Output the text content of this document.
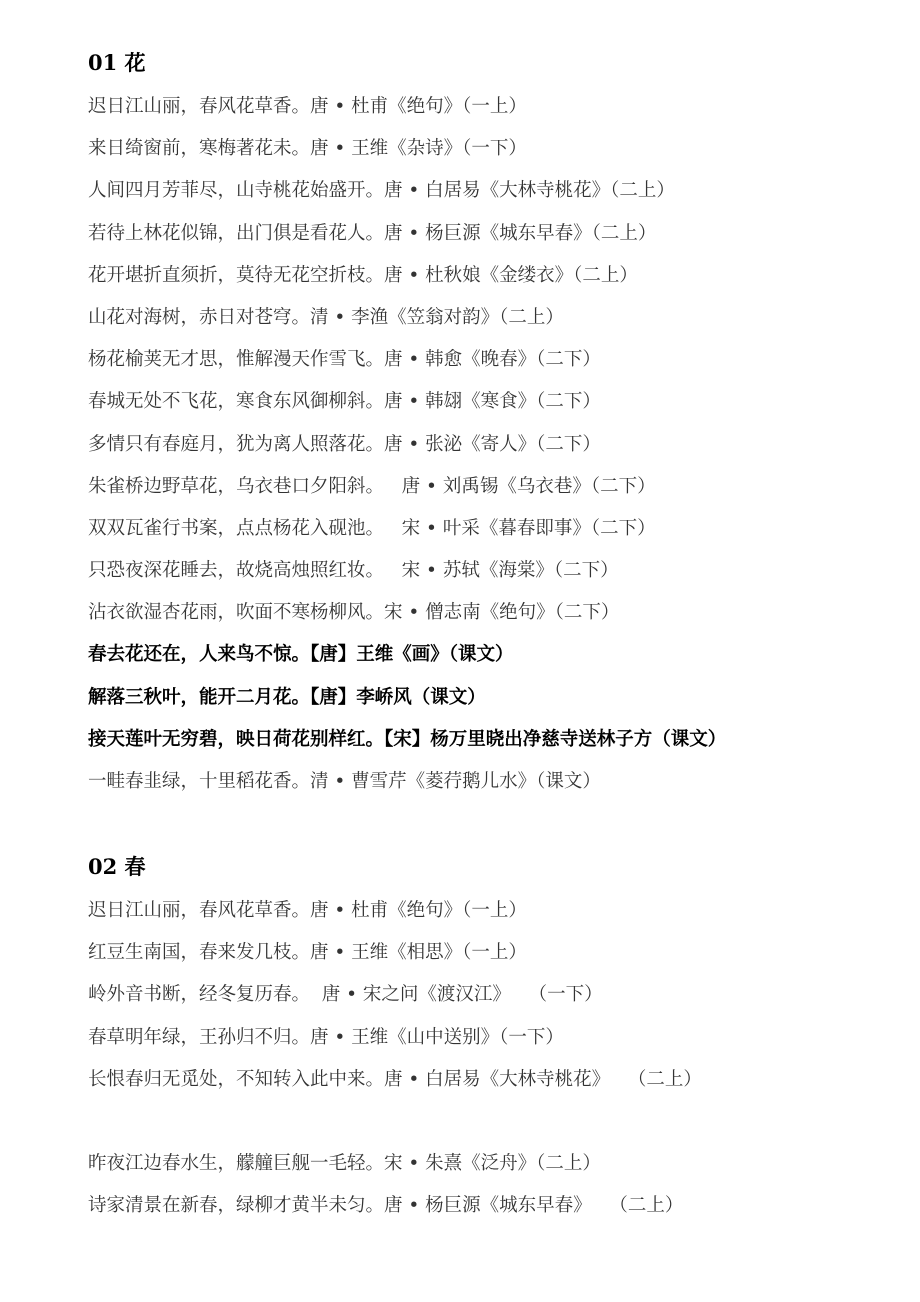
01 花
迟日江山丽，春风花草香。唐 • 杜甫《绝句》（一上）
来日绮窗前，寒梅著花未。唐 • 王维《杂诗》（一下）
人间四月芳菲尽，山寺桃花始盛开。唐 • 白居易《大林寺桃花》（二上）
若待上林花似锦，出门俱是看花人。唐 • 杨巨源《城东早春》（二上）
花开堪折直须折，莫待无花空折枝。唐 • 杜秋娘《金缕衣》（二上）
山花对海树，赤日对苍穹。清 • 李渔《笠翁对韵》（二上）
杨花榆荚无才思，惟解漫天作雪飞。唐 • 韩愈《晚春》（二下）
春城无处不飞花，寒食东风御柳斜。唐 • 韩翃《寒食》（二下）
多情只有春庭月，犹为离人照落花。唐 • 张泌《寄人》（二下）
朱雀桥边野草花，乌衣巷口夕阳斜。   唐 • 刘禹锡《乌衣巷》（二下）
双双瓦雀行书案，点点杨花入砚池。   宋 • 叶采《暮春即事》（二下）
只恐夜深花睡去，故烧高烛照红妆。   宋 • 苏轼《海棠》（二下）
沾衣欲湿杏花雨，吹面不寒杨柳风。宋 • 僧志南《绝句》（二下）
春去花还在，人来鸟不惊。【唐】王维《画》（课文）
解落三秋叶，能开二月花。【唐】李峤风（课文）
接天莲叶无穷碧，映日荷花别样红。【宋】杨万里晓出净慈寺送林子方（课文）
一畦春韭绿，十里稻花香。清 • 曹雪芹《菱荇鹅儿水》（课文）
02 春
迟日江山丽，春风花草香。唐 • 杜甫《绝句》（一上）
红豆生南国，春来发几枝。唐 • 王维《相思》（一上）
岭外音书断，经冬复历春。  唐 • 宋之问《渡汉江》   （一下）
春草明年绿，王孙归不归。唐 • 王维《山中送别》（一下）
长恨春归无觅处，不知转入此中来。唐 • 白居易《大林寺桃花》   （二上）
昨夜江边春水生，艨艟巨舰一毛轻。宋 • 朱熹《泛舟》（二上）
诗家清景在新春，绿柳才黄半未匀。唐 • 杨巨源《城东早春》   （二上）
